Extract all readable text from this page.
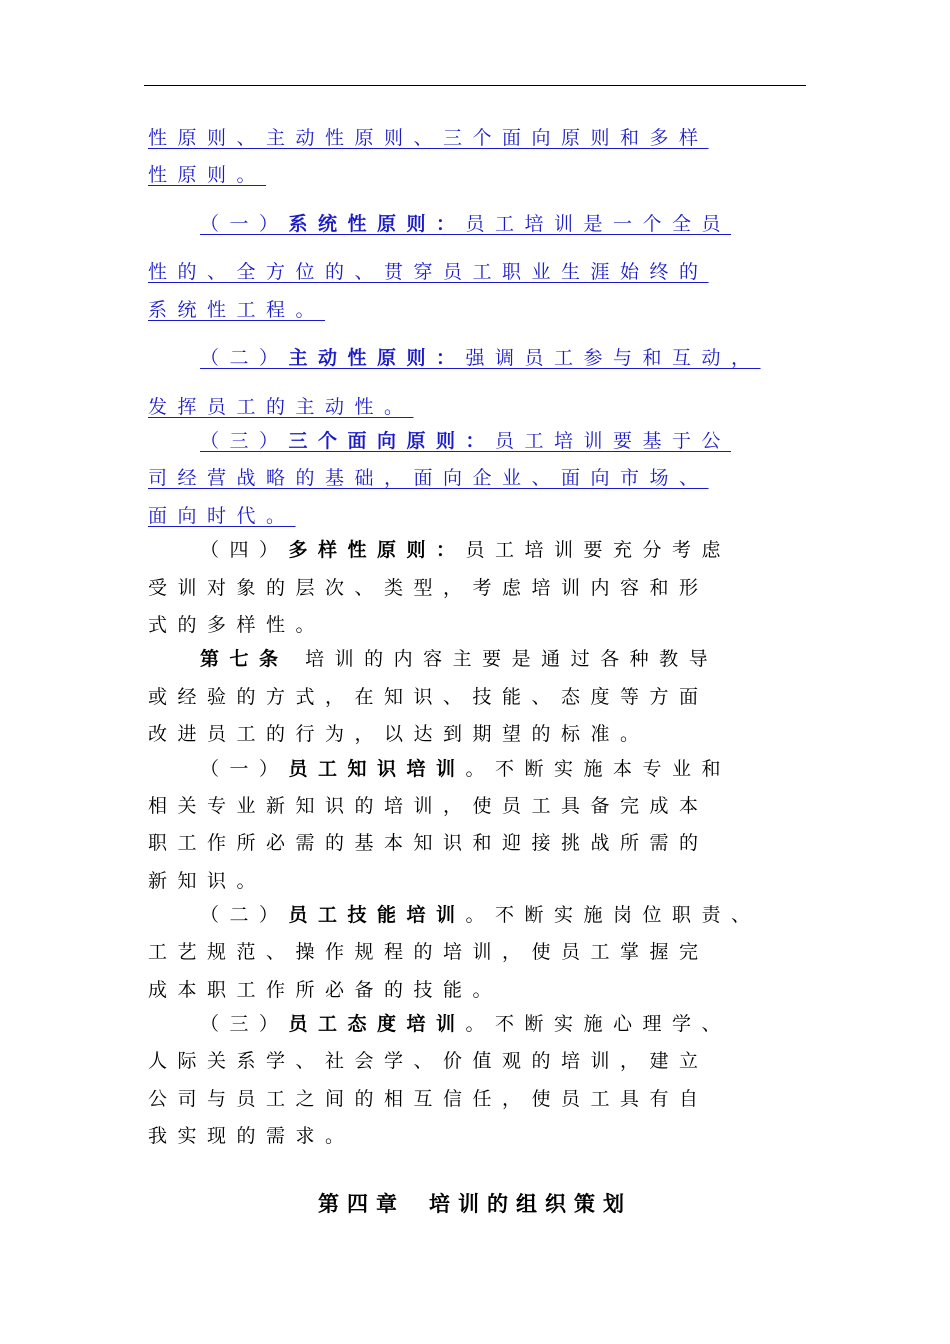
性原则、主动性原则、三个面向原则和多样
性原则。
（一）系统性原则：员工培训是一个全员
性的、全方位的、贯穿员工职业生涯始终的
系统性工程。
（二）主动性原则：强调员工参与和互动，
发挥员工的主动性。
（三）三个面向原则：员工培训要基于公
司经营战略的基础，面向企业、面向市场、
面向时代。
（四）多样性原则：员工培训要充分考虑
受训对象的层次、类型，考虑培训内容和形
式的多样性。
第七条 培训的内容主要是通过各种教导
或经验的方式，在知识、技能、态度等方面
改进员工的行为，以达到期望的标准。
（一）员工知识培训。不断实施本专业和
相关专业新知识的培训，使员工具备完成本
职工作所必需的基本知识和迎接挑战所需的
新知识。
（二）员工技能培训。不断实施岗位职责、
工艺规范、操作规程的培训，使员工掌握完
成本职工作所必备的技能。
（三）员工态度培训。不断实施心理学、
人际关系学、社会学、价值观的培训，建立
公司与员工之间的相互信任，使员工具有自
我实现的需求。
第四章 培训的组织策划
